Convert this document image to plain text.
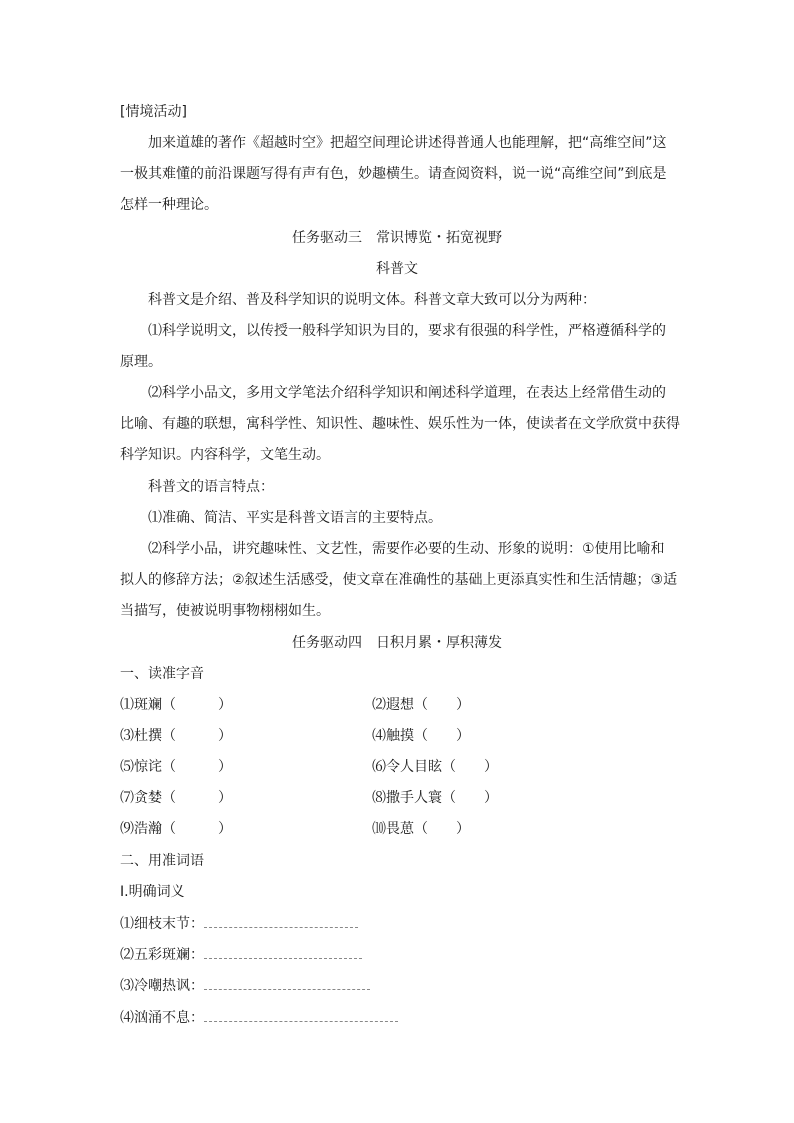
[情境活动]
加来道雄的著作《超越时空》把超空间理论讲述得普通人也能理解，把“高维空间”这
一极其难懂的前沿课题写得有声有色，妙趣横生。请查阅资料，说一说“高维空间”到底是
怎样一种理论。
任务驱动三　常识博览・拓宽视野
科普文
科普文是介绍、普及科学知识的说明文体。科普文章大致可以分为两种：
⑴科学说明文，以传授一般科学知识为目的，要求有很强的科学性，严格遵循科学的
原理。
⑵科学小品文，多用文学笔法介绍科学知识和阐述科学道理，在表达上经常借生动的
比喻、有趣的联想，寓科学性、知识性、趣味性、娱乐性为一体，使读者在文学欣赏中获得
科学知识。内容科学，文笔生动。
科普文的语言特点：
⑴准确、简洁、平实是科普文语言的主要特点。
⑵科学小品，讲究趣味性、文艺性，需要作必要的生动、形象的说明：①使用比喻和
拟人的修辞方法；②叙述生活感受，使文章在准确性的基础上更添真实性和生活情趣；③适
当描写，使被说明事物栩栩如生。
任务驱动四　日积月累・厚积薄发
一、读准字音
⑴斑斓（　　　）	⑵遐想（　　）
⑶杜撰（　　　）	⑷触摸（　　）
⑸惊诧（　　　）	⑹令人目眩（　　）
⑺贪婪（　　　）	⑻撒手人寰（　　）
⑼浩瀚（　　　）	⑽畏葸（　　）
二、用准词语
Ⅰ.明确词义
⑴细枝末节：
⑵五彩斑斓：
⑶冷嘲热讽：
⑷汹涌不息：
